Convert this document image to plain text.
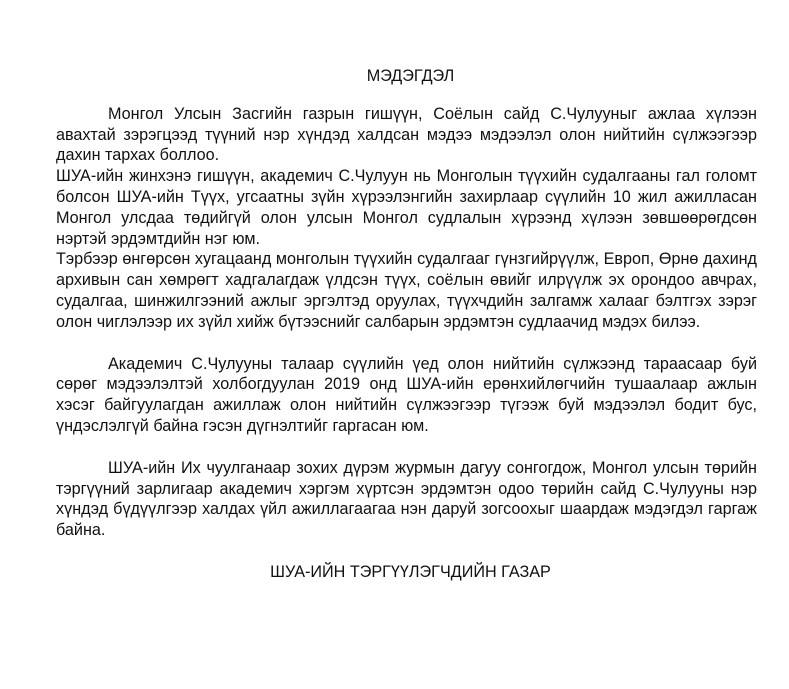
МЭДЭГДЭЛ

Монгол Улсын Засгийн газрын гишүүн, Соёлын сайд С.Чулууныг ажлаа хүлээн авахтай зэрэгцээд түүний нэр хүндэд халдсан мэдээ мэдээлэл олон нийтийн сүлжээгээр дахин тархах боллоо.

ШУА-ийн жинхэнэ гишүүн, академич С.Чулуун нь Монголын түүхийн судалгааны гал голомт болсон ШУА-ийн Түүх, угсаатны зүйн хүрээлэнгийн захирлаар сүүлийн 10 жил ажилласан Монгол улсдаа төдийгүй олон улсын Монгол судлалын хүрээнд хүлээн зөвшөөрөгдсөн нэртэй эрдэмтдийн нэг юм.

Тэрбээр өнгөрсөн хугацаанд монголын түүхийн судалгааг гүнзгийрүүлж, Европ, Өрнө дахинд архивын сан хөмрөгт хадгалагдаж үлдсэн түүх, соёлын өвийг илрүүлж эх орондоо авчрах, судалгаа, шинжилгээний ажлыг эргэлтэд оруулах, түүхчдийн залгамж халааг бэлтгэх зэрэг олон чиглэлээр их зүйл хийж бүтээснийг салбарын эрдэмтэн судлаачид мэдэх билээ.

Академич С.Чулууны талаар сүүлийн үед олон нийтийн сүлжээнд тараасаар буй сөрөг мэдээлэлтэй холбогдуулан 2019 онд ШУА-ийн ерөнхийлөгчийн тушаалаар ажлын хэсэг байгуулагдан ажиллаж олон нийтийн сүлжээгээр түгээж буй мэдээлэл бодит бус, үндэслэлгүй байна гэсэн дүгнэлтийг гаргасан юм.

ШУА-ийн Их чуулганаар зохих дүрэм журмын дагуу сонгогдож, Монгол улсын төрийн тэргүүний зарлигаар академич хэргэм хүртсэн эрдэмтэн одоо төрийн сайд С.Чулууны нэр хүндэд бүдүүлгээр халдах үйл ажиллагаагаа нэн даруй зогсоохыг шаардаж мэдэгдэл гаргаж байна.

ШУА-ИЙН ТЭРГҮҮЛЭГЧДИЙН ГАЗАР
